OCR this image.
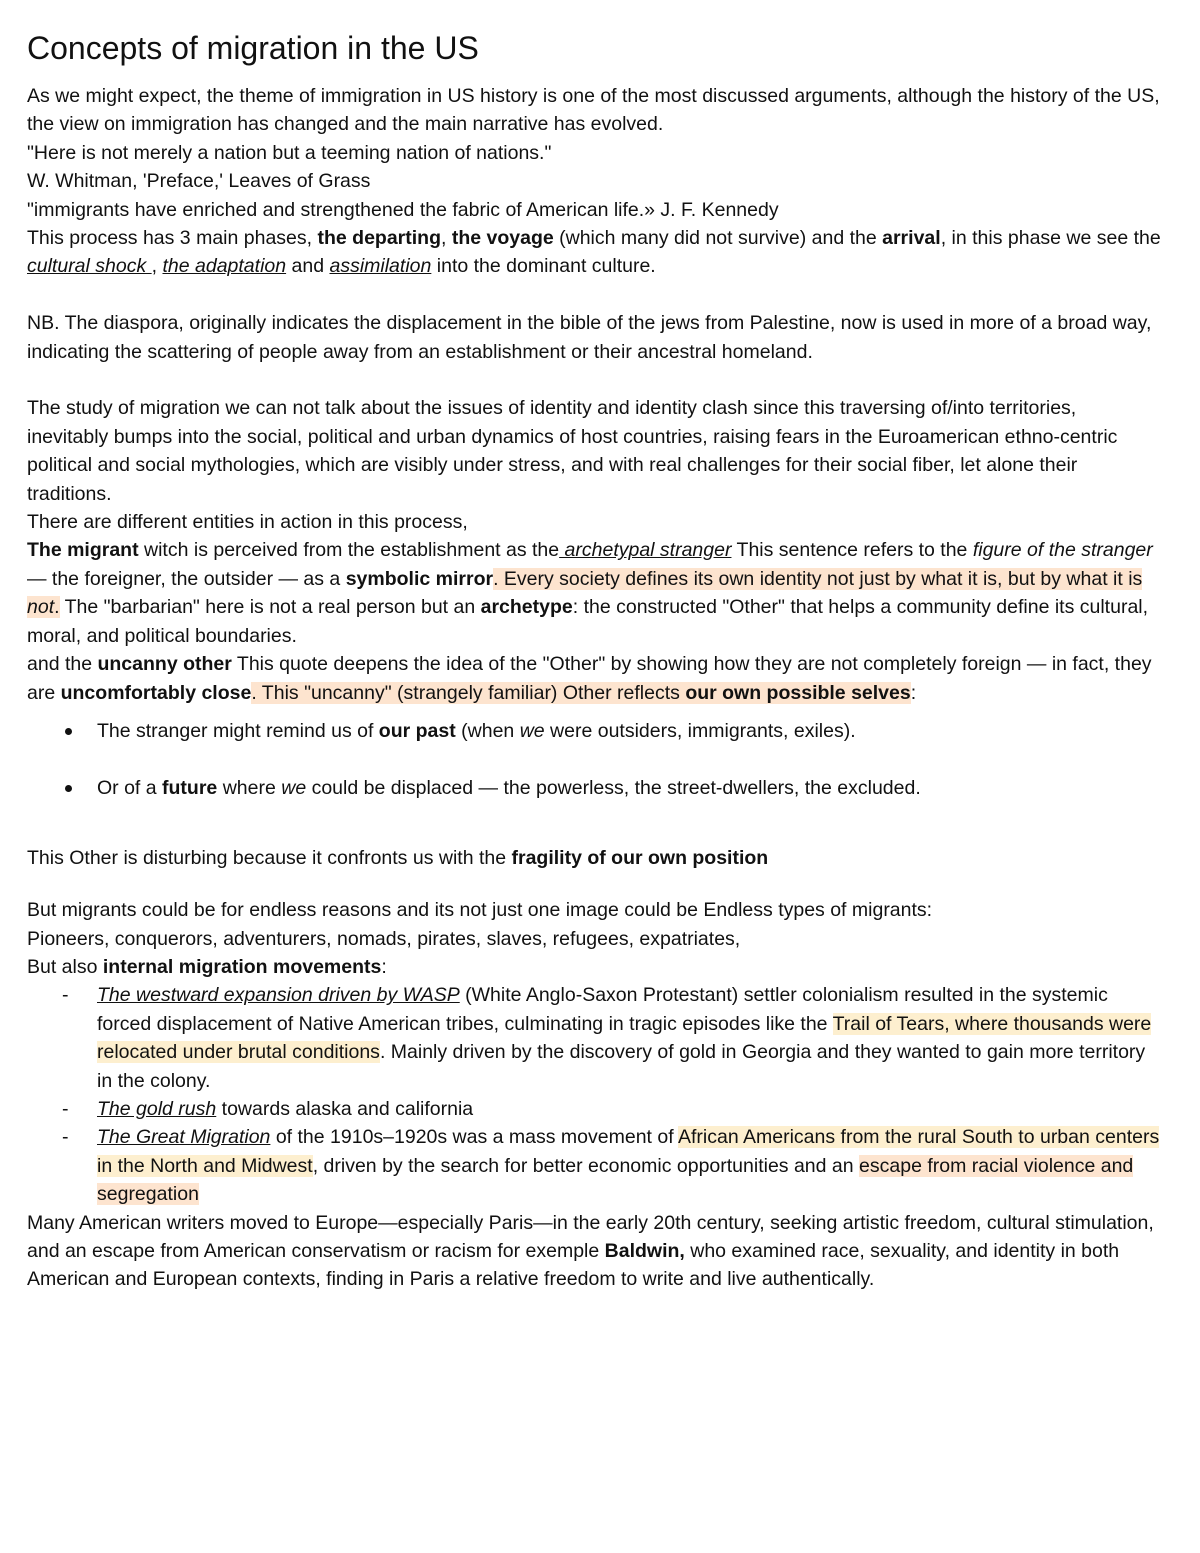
Concepts of migration in the US

As we might expect, the theme of immigration in US history is one of the most discussed arguments, although the history of the US, the view on immigration has changed and the main narrative has evolved.

"Here is not merely a nation but a teeming nation of nations."

W. Whitman, 'Preface,' Leaves of Grass

"immigrants have enriched and strengthened the fabric of American life.» J. F. Kennedy

This process has 3 main phases, the departing, the voyage (which many did not survive) and the arrival, in this phase we see the cultural shock , the adaptation and assimilation into the dominant culture.

NB. The diaspora, originally indicates the displacement in the bible of the jews from Palestine, now is used in more of a broad way, indicating the scattering of people away from an establishment or their ancestral homeland.

The study of migration we can not talk about the issues of identity and identity clash since this traversing of/into territories, inevitably bumps into the social, political and urban dynamics of host countries, raising fears in the Euroamerican ethno-centric political and social mythologies, which are visibly under stress, and with real challenges for their social fiber, let alone their traditions.

There are different entities in action in this process,

The migrant witch is perceived from the establishment as the archetypal stranger This sentence refers to the figure of the stranger — the foreigner, the outsider — as a symbolic mirror. Every society defines its own identity not just by what it is, but by what it is not. The "barbarian" here is not a real person but an archetype: the constructed "Other" that helps a community define its cultural, moral, and political boundaries.

and the uncanny other This quote deepens the idea of the "Other" by showing how they are not completely foreign — in fact, they are uncomfortably close. This "uncanny" (strangely familiar) Other reflects our own possible selves:

The stranger might remind us of our past (when we were outsiders, immigrants, exiles).
Or of a future where we could be displaced — the powerless, the street-dwellers, the excluded.

This Other is disturbing because it confronts us with the fragility of our own position

But migrants could be for endless reasons and its not just one image could be Endless types of migrants:

Pioneers, conquerors, adventurers, nomads, pirates, slaves, refugees, expatriates,

But also internal migration movements:

- The westward expansion driven by WASP (White Anglo-Saxon Protestant) settler colonialism resulted in the systemic forced displacement of Native American tribes, culminating in tragic episodes like the Trail of Tears, where thousands were relocated under brutal conditions. Mainly driven by the discovery of gold in Georgia and they wanted to gain more territory in the colony.
- The gold rush towards alaska and california
- The Great Migration of the 1910s–1920s was a mass movement of African Americans from the rural South to urban centers in the North and Midwest, driven by the search for better economic opportunities and an escape from racial violence and segregation

Many American writers moved to Europe—especially Paris—in the early 20th century, seeking artistic freedom, cultural stimulation, and an escape from American conservatism or racism for exemple Baldwin, who examined race, sexuality, and identity in both American and European contexts, finding in Paris a relative freedom to write and live authentically.
